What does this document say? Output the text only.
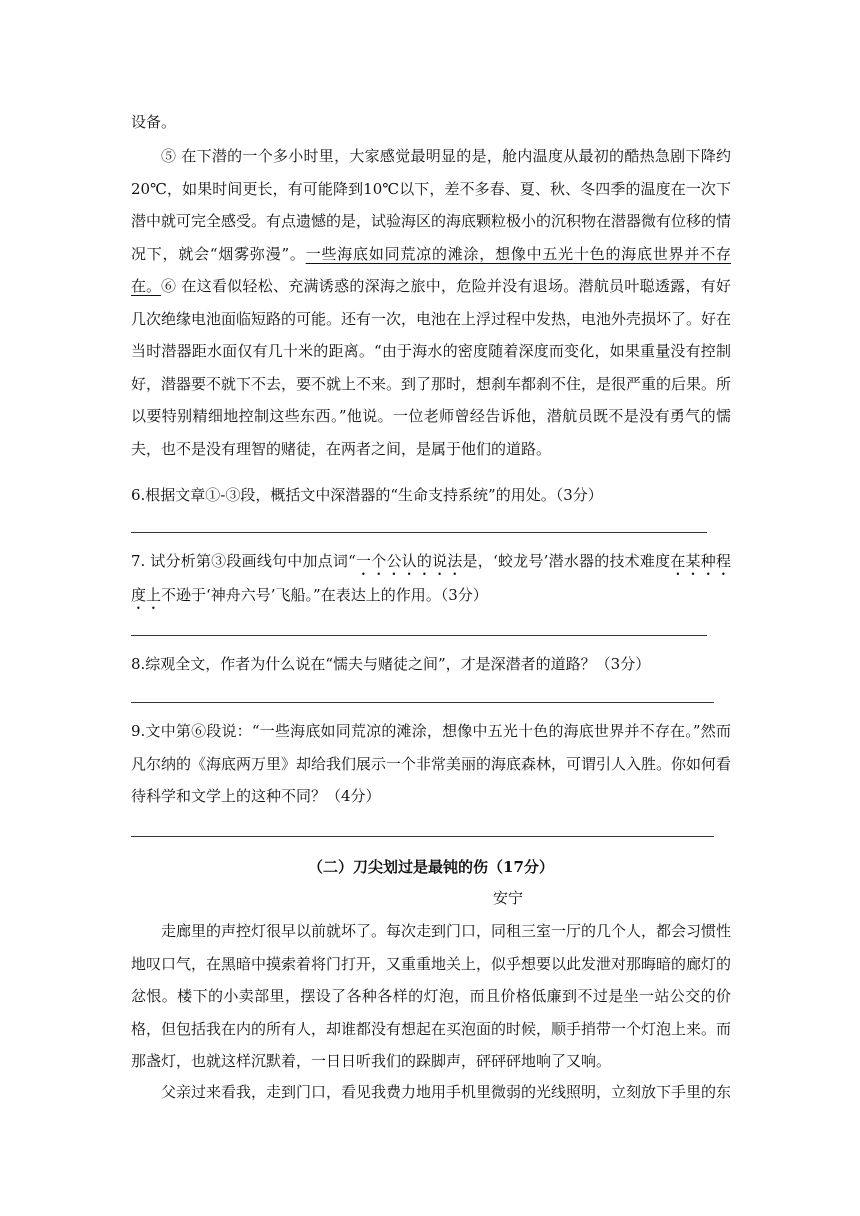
设备。
⑤ 在下潜的一个多小时里，大家感觉最明显的是，舱内温度从最初的酷热急剧下降约20℃，如果时间更长，有可能降到10℃以下，差不多春、夏、秋、冬四季的温度在一次下潜中就可完全感受。有点遗憾的是，试验海区的海底颗粒极小的沉积物在潜器微有位移的情况下，就会“烟雾弥漫”。一些海底如同荒凉的滩涂，想像中五光十色的海底世界并不存在。 ⑥ 在这看似轻松、充满诱惑的深海之旅中，危险并没有退场。潜航员叶聪透露，有好几次绝缘电池面临短路的可能。还有一次，电池在上浮过程中发热，电池外壳损坏了。好在当时潜器距水面仅有几十米的距离。“由于海水的密度随着深度而变化，如果重量没有控制好，潜器要不就下不去，要不就上不来。到了那时，想刹车都刹不住，是很严重的后果。所以要特别精细地控制这些东西。”他说。一位老师曾经告诉他，潜航员既不是没有勇气的懦夫，也不是没有理智的赌徒，在两者之间，是属于他们的道路。
6.根据文章①-③段，概括文中深潜器的“生命支持系统”的用处。（3分）
7. 试分析第③段画线句中加点词“一个公认的说法是，‘蛟龙号’潜水器的技术难度在某种程度上不逊于‘神舟六号’飞船。”在表达上的作用。（3分）
8.综观全文，作者为什么说在“懦夫与赌徒之间”，才是深潜者的道路？（3分）
9.文中第⑥段说：“一些海底如同荒凉的滩涂，想像中五光十色的海底世界并不存在。”然而凡尔纳的《海底两万里》却给我们展示一个非常美丽的海底森林，可谓引人入胜。你如何看待科学和文学上的这种不同？（4分）
（二）刀尖划过是最钝的伤（17分）
安宁
走廊里的声控灯很早以前就坏了。每次走到门口，同租三室一厅的几个人，都会习惯性地叹口气，在黑暗中摸索着将门打开，又重重地关上，似乎想要以此发泄对那晦暗的廊灯的忿恨。楼下的小卖部里，摆设了各种各样的灯泡，而且价格低廉到不过是坐一站公交的价格，但包括我在内的所有人，却谁都没有想起在买泡面的时候，顺手捎带一个灯泡上来。而那盏灯，也就这样沉默着，一日日听我们的跺脚声，砰砰砰地响了又响。
父亲过来看我，走到门口，看见我费力地用手机里微弱的光线照明，立刻放下手里的东
